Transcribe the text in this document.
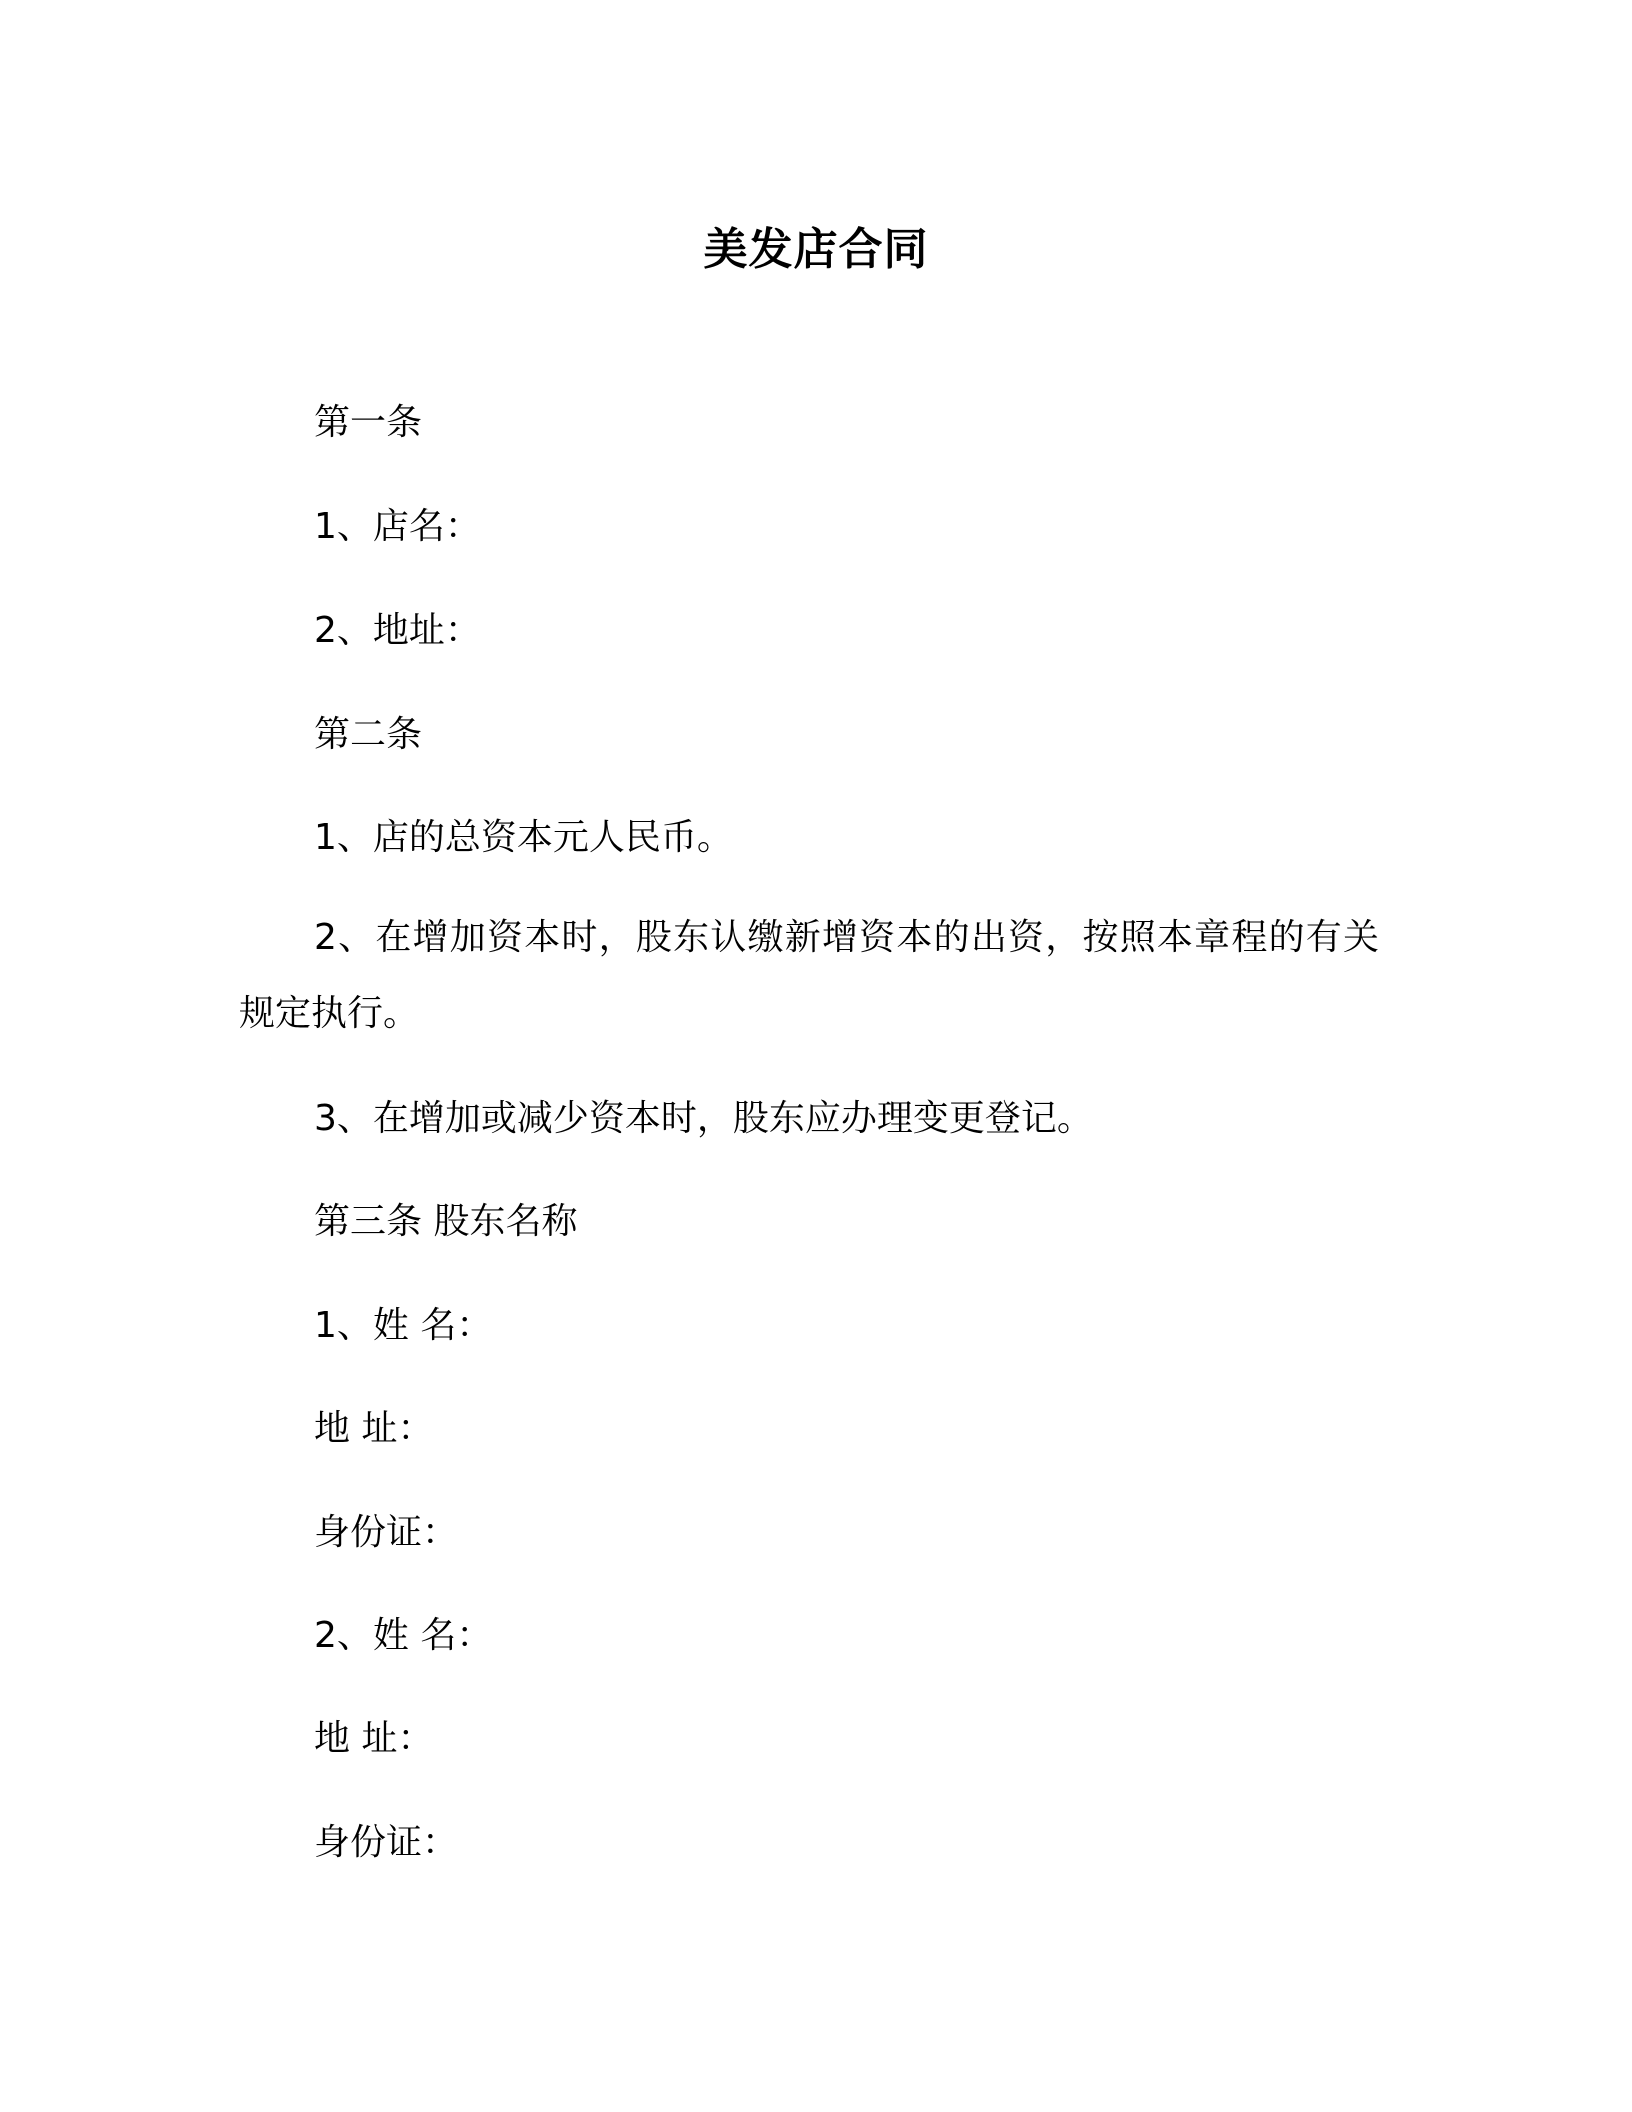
美发店合同
第一条
1、店名：
2、地址：
第二条
1、店的总资本元人民币。
2、在增加资本时，股东认缴新增资本的出资，按照本章程的有关规定执行。
3、在增加或减少资本时，股东应办理变更登记。
第三条 股东名称
1、姓 名：
地 址：
身份证：
2、姓 名：
地 址：
身份证：
